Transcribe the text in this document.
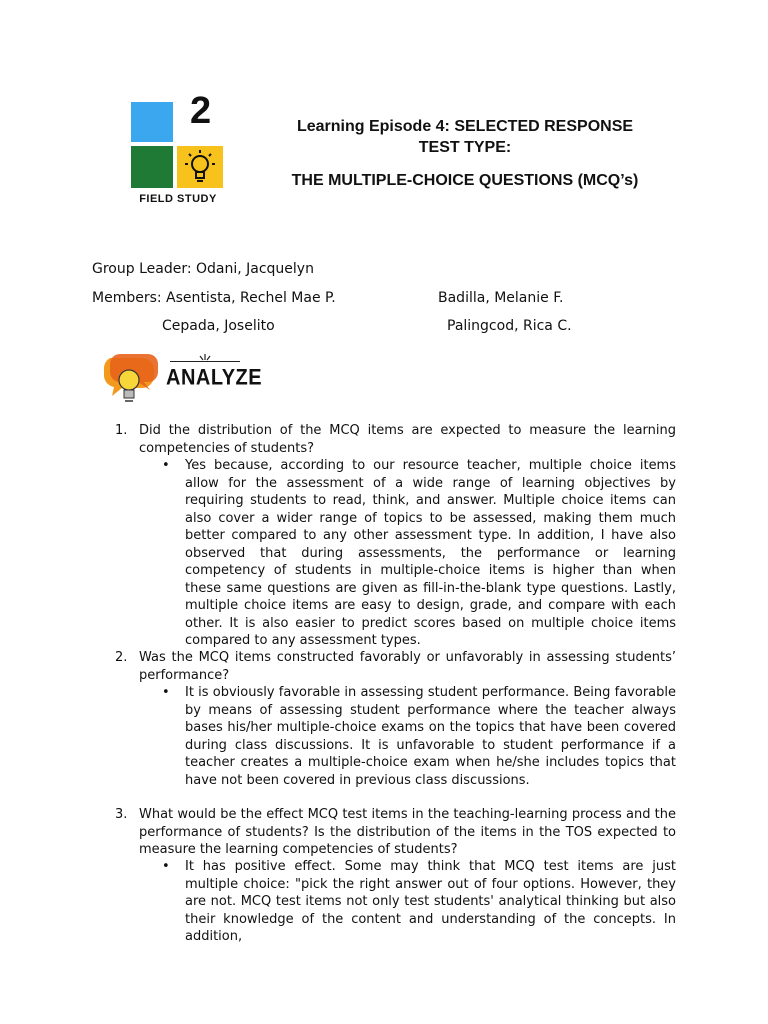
2
FIELD STUDY
Learning Episode 4: SELECTED RESPONSE
TEST TYPE:
THE MULTIPLE-CHOICE QUESTIONS (MCQ’s)
Group Leader: Odani, Jacquelyn
Members: Asentista, Rechel Mae P.	Badilla, Melanie F.
Cepada, Joselito	Palingcod, Rica C.
ANALYZE
1. Did the distribution of the MCQ items are expected to measure the learning competencies of students?
• Yes because, according to our resource teacher, multiple choice items allow for the assessment of a wide range of learning objectives by requiring students to read, think, and answer. Multiple choice items can also cover a wider range of topics to be assessed, making them much better compared to any other assessment type. In addition, I have also observed that during assessments, the performance or learning competency of students in multiple-choice items is higher than when these same questions are given as fill-in-the-blank type questions. Lastly, multiple choice items are easy to design, grade, and compare with each other. It is also easier to predict scores based on multiple choice items compared to any assessment types.
2. Was the MCQ items constructed favorably or unfavorably in assessing students’ performance?
• It is obviously favorable in assessing student performance. Being favorable by means of assessing student performance where the teacher always bases his/her multiple-choice exams on the topics that have been covered during class discussions. It is unfavorable to student performance if a teacher creates a multiple-choice exam when he/she includes topics that have not been covered in previous class discussions.
3. What would be the effect MCQ test items in the teaching-learning process and the performance of students? Is the distribution of the items in the TOS expected to measure the learning competencies of students?
• It has positive effect. Some may think that MCQ test items are just multiple choice: "pick the right answer out of four options. However, they are not. MCQ test items not only test students' analytical thinking but also their knowledge of the content and understanding of the concepts. In addition,
